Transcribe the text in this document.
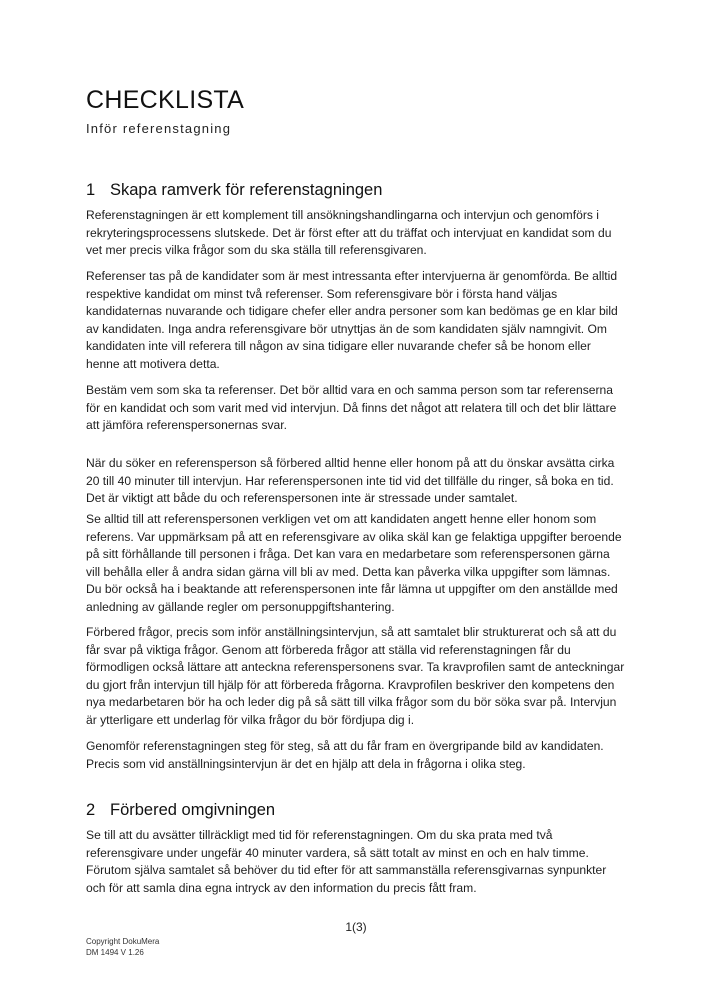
CHECKLISTA
Inför referenstagning
1 Skapa ramverk för referenstagningen

Referenstagningen är ett komplement till ansökningshandlingarna och intervjun och genomförs i rekryteringsprocessens slutskede. Det är först efter att du träffat och intervjuat en kandidat som du vet mer precis vilka frågor som du ska ställa till referensgivaren.

Referenser tas på de kandidater som är mest intressanta efter intervjuerna är genomförda. Be alltid respektive kandidat om minst två referenser. Som referensgivare bör i första hand väljas kandidaternas nuvarande och tidigare chefer eller andra personer som kan bedömas ge en klar bild av kandidaten. Inga andra referensgivare bör utnyttjas än de som kandidaten själv namngivit. Om kandidaten inte vill referera till någon av sina tidigare eller nuvarande chefer så be honom eller henne att motivera detta.

Bestäm vem som ska ta referenser. Det bör alltid vara en och samma person som tar referenserna för en kandidat och som varit med vid intervjun. Då finns det något att relatera till och det blir lättare att jämföra referenspersonernas svar.

När du söker en referensperson så förbered alltid henne eller honom på att du önskar avsätta cirka 20 till 40 minuter till intervjun. Har referenspersonen inte tid vid det tillfälle du ringer, så boka en tid. Det är viktigt att både du och referenspersonen inte är stressade under samtalet.

Se alltid till att referenspersonen verkligen vet om att kandidaten angett henne eller honom som referens. Var uppmärksam på att en referensgivare av olika skäl kan ge felaktiga uppgifter beroende på sitt förhållande till personen i fråga. Det kan vara en medarbetare som referenspersonen gärna vill behålla eller å andra sidan gärna vill bli av med. Detta kan påverka vilka uppgifter som lämnas. Du bör också ha i beaktande att referenspersonen inte får lämna ut uppgifter om den anställde med anledning av gällande regler om personuppgiftshantering.

Förbered frågor, precis som inför anställningsintervjun, så att samtalet blir strukturerat och så att du får svar på viktiga frågor. Genom att förbereda frågor att ställa vid referenstagningen får du förmodligen också lättare att anteckna referenspersonens svar. Ta kravprofilen samt de anteckningar du gjort från intervjun till hjälp för att förbereda frågorna. Kravprofilen beskriver den kompetens den nya medarbetaren bör ha och leder dig på så sätt till vilka frågor som du bör söka svar på. Intervjun är ytterligare ett underlag för vilka frågor du bör fördjupa dig i.

Genomför referenstagningen steg för steg, så att du får fram en övergripande bild av kandidaten. Precis som vid anställningsintervjun är det en hjälp att dela in frågorna i olika steg.

2 Förbered omgivningen

Se till att du avsätter tillräckligt med tid för referenstagningen. Om du ska prata med två referensgivare under ungefär 40 minuter vardera, så sätt totalt av minst en och en halv timme. Förutom själva samtalet så behöver du tid efter för att sammanställa referensgivarnas synpunkter och för att samla dina egna intryck av den information du precis fått fram.

1(3)
Copyright DokuMera
DM 1494 V 1.26
